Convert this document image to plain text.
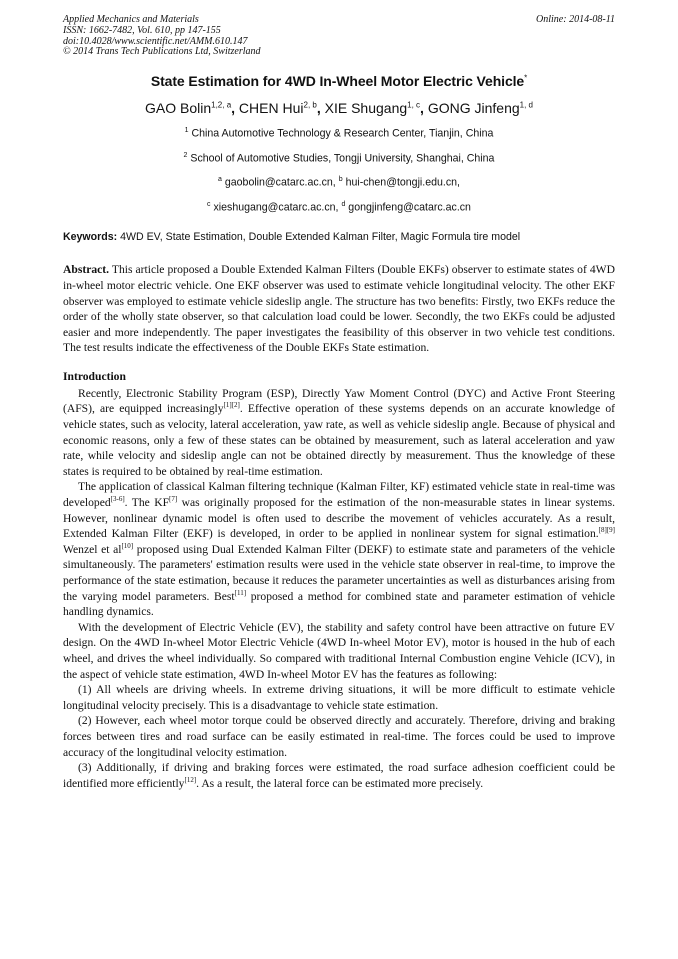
Applied Mechanics and Materials
ISSN: 1662-7482, Vol. 610, pp 147-155
doi:10.4028/www.scientific.net/AMM.610.147
© 2014 Trans Tech Publications Ltd, Switzerland
Online: 2014-08-11
State Estimation for 4WD In-Wheel Motor Electric Vehicle*
GAO Bolin$^{1,2, a}$, CHEN Hui$^{2, b}$, XIE Shugang$^{1, c}$, GONG Jinfeng$^{1, d}$
$^1$ China Automotive Technology & Research Center, Tianjin, China
$^2$ School of Automotive Studies, Tongji University, Shanghai, China
$^a$ gaobolin@catarc.ac.cn, $^b$ hui-chen@tongji.edu.cn,
$^c$ xieshugang@catarc.ac.cn, $^d$ gongjinfeng@catarc.ac.cn
Keywords: 4WD EV, State Estimation, Double Extended Kalman Filter, Magic Formula tire model

Abstract. This article proposed a Double Extended Kalman Filters (Double EKFs) observer to estimate states of 4WD in-wheel motor electric vehicle. One EKF observer was used to estimate vehicle longitudinal velocity. The other EKF observer was employed to estimate vehicle sideslip angle. The structure has two benefits: Firstly, two EKFs reduce the order of the wholly state observer, so that calculation load could be lower. Secondly, the two EKFs could be adjusted easier and more independently. The paper investigates the feasibility of this observer in two vehicle test conditions. The test results indicate the effectiveness of the Double EKFs State estimation.

Introduction

Recently, Electronic Stability Program (ESP), Directly Yaw Moment Control (DYC) and Active Front Steering (AFS), are equipped increasingly[1][2]. Effective operation of these systems depends on an accurate knowledge of vehicle states, such as velocity, lateral acceleration, yaw rate, as well as vehicle sideslip angle. Because of physical and economic reasons, only a few of these states can be obtained by measurement, such as lateral acceleration and yaw rate, while velocity and sideslip angle can not be obtained directly by measurement. Thus the knowledge of these states is required to be obtained by real-time estimation.

The application of classical Kalman filtering technique (Kalman Filter, KF) estimated vehicle state in real-time was developed[3-6]. The KF[7] was originally proposed for the estimation of the non-measurable states in linear systems. However, nonlinear dynamic model is often used to describe the movement of vehicles accurately. As a result, Extended Kalman Filter (EKF) is developed, in order to be applied in nonlinear system for signal estimation.[8][9] Wenzel et al[10] proposed using Dual Extended Kalman Filter (DEKF) to estimate state and parameters of the vehicle simultaneously. The parameters' estimation results were used in the vehicle state observer in real-time, to improve the performance of the state estimation, because it reduces the parameter uncertainties as well as disturbances arising from the varying model parameters. Best[11] proposed a method for combined state and parameter estimation of vehicle handling dynamics.

With the development of Electric Vehicle (EV), the stability and safety control have been attractive on future EV design. On the 4WD In-wheel Motor Electric Vehicle (4WD In-wheel Motor EV), motor is housed in the hub of each wheel, and drives the wheel individually. So compared with traditional Internal Combustion engine Vehicle (ICV), in the aspect of vehicle state estimation, 4WD In-wheel Motor EV has the features as following:

(1) All wheels are driving wheels. In extreme driving situations, it will be more difficult to estimate vehicle longitudinal velocity precisely. This is a disadvantage to vehicle state estimation.

(2) However, each wheel motor torque could be observed directly and accurately. Therefore, driving and braking forces between tires and road surface can be easily estimated in real-time. The forces could be used to improve accuracy of the longitudinal velocity estimation.

(3) Additionally, if driving and braking forces were estimated, the road surface adhesion coefficient could be identified more efficiently[12]. As a result, the lateral force can be estimated more precisely.
